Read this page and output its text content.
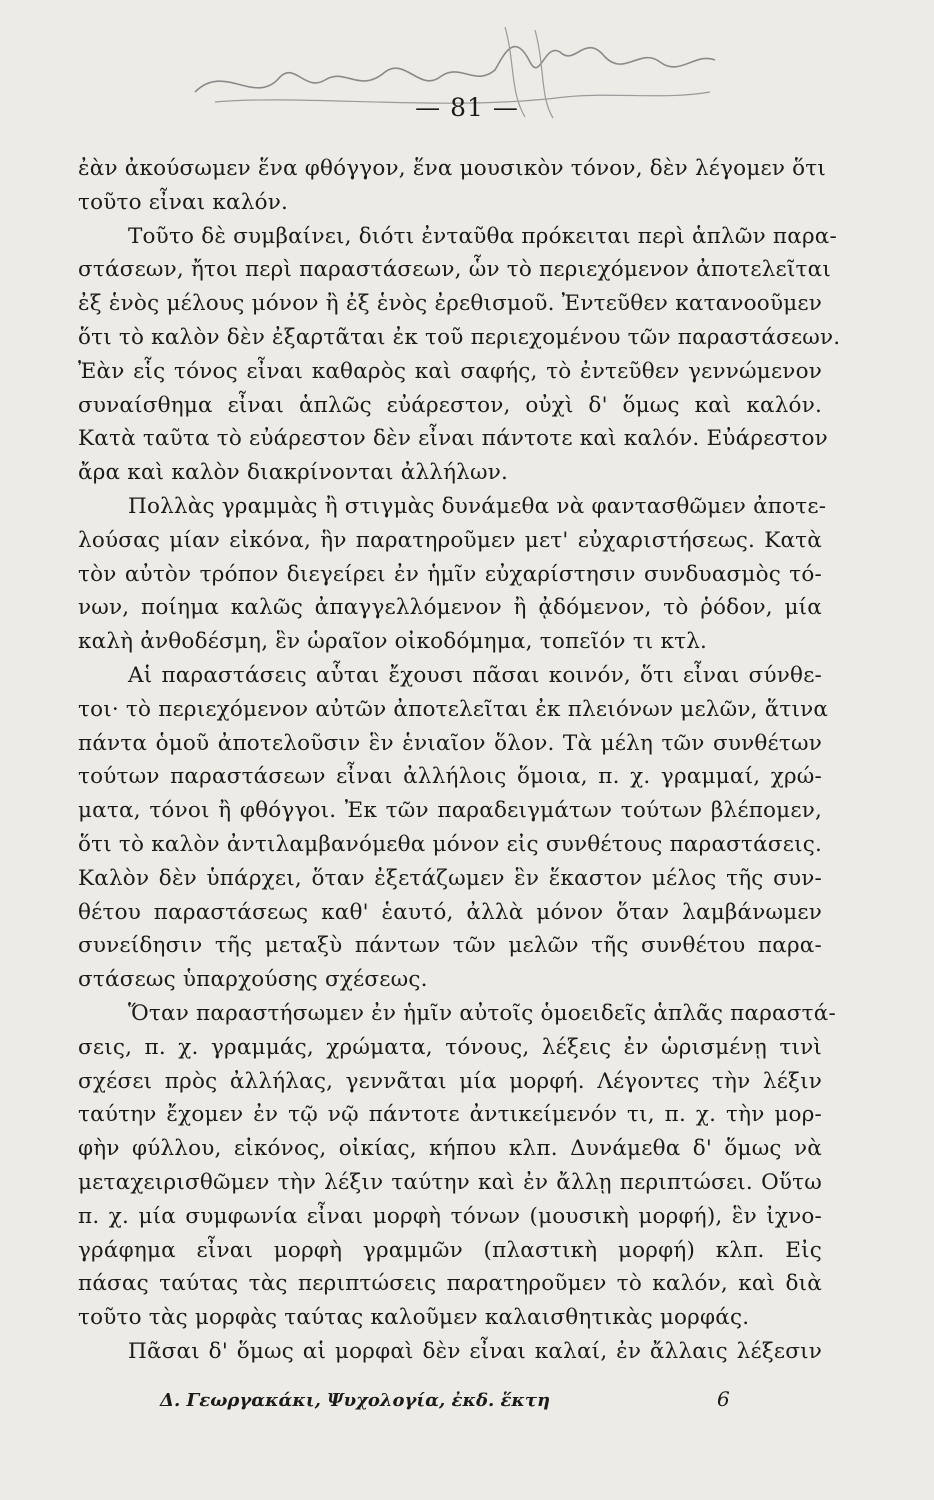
— 81 —
ἐὰν ἀκούσωμεν ἕνα φθόγγον, ἕνα μουσικὸν τόνον, δὲν λέγομεν ὅτι
τοῦτο εἶναι καλόν.
Τοῦτο δὲ συμβαίνει, διότι ἐνταῦθα πρόκειται περὶ ἁπλῶν παρα-
στάσεων, ἤτοι περὶ παραστάσεων, ὧν τὸ περιεχόμενον ἀποτελεῖται
ἐξ ἑνὸς μέλους μόνον ἢ ἐξ ἑνὸς ἐρεθισμοῦ. Ἐντεῦθεν κατανοοῦμεν
ὅτι τὸ καλὸν δὲν ἐξαρτᾶται ἐκ τοῦ περιεχομένου τῶν παραστάσεων.
Ἐὰν εἷς τόνος εἶναι καθαρὸς καὶ σαφής, τὸ ἐντεῦθεν γεννώμενον
συναίσθημα εἶναι ἁπλῶς εὐάρεστον, οὐχὶ δ' ὅμως καὶ καλόν.
Κατὰ ταῦτα τὸ εὐάρεστον δὲν εἶναι πάντοτε καὶ καλόν. Εὐάρεστον
ἄρα καὶ καλὸν διακρίνονται ἀλλήλων.
Πολλὰς γραμμὰς ἢ στιγμὰς δυνάμεθα νὰ φαντασθῶμεν ἀποτε-
λούσας μίαν εἰκόνα, ἣν παρατηροῦμεν μετ' εὐχαριστήσεως. Κατὰ
τὸν αὐτὸν τρόπον διεγείρει ἐν ἡμῖν εὐχαρίστησιν συνδυασμὸς τό-
νων, ποίημα καλῶς ἀπαγγελλόμενον ἢ ᾀδόμενον, τὸ ῥόδον, μία
καλὴ ἀνθοδέσμη, ἓν ὡραῖον οἰκοδόμημα, τοπεῖόν τι κτλ.
Αἱ παραστάσεις αὗται ἔχουσι πᾶσαι κοινόν, ὅτι εἶναι σύνθε-
τοι· τὸ περιεχόμενον αὐτῶν ἀποτελεῖται ἐκ πλειόνων μελῶν, ἅτινα
πάντα ὁμοῦ ἀποτελοῦσιν ἓν ἑνιαῖον ὅλον. Τὰ μέλη τῶν συνθέτων
τούτων παραστάσεων εἶναι ἀλλήλοις ὅμοια, π. χ. γραμμαί, χρώ-
ματα, τόνοι ἢ φθόγγοι. Ἐκ τῶν παραδειγμάτων τούτων βλέπομεν,
ὅτι τὸ καλὸν ἀντιλαμβανόμεθα μόνον εἰς συνθέτους παραστάσεις.
Καλὸν δὲν ὑπάρχει, ὅταν ἐξετάζωμεν ἓν ἕκαστον μέλος τῆς συν-
θέτου παραστάσεως καθ' ἑαυτό, ἀλλὰ μόνον ὅταν λαμβάνωμεν
συνείδησιν τῆς μεταξὺ πάντων τῶν μελῶν τῆς συνθέτου παρα-
στάσεως ὑπαρχούσης σχέσεως.
Ὅταν παραστήσωμεν ἐν ἡμῖν αὐτοῖς ὁμοειδεῖς ἁπλᾶς παραστά-
σεις, π. χ. γραμμάς, χρώματα, τόνους, λέξεις ἐν ὡρισμένῃ τινὶ
σχέσει πρὸς ἀλλήλας, γεννᾶται μία μορφή. Λέγοντες τὴν λέξιν
ταύτην ἔχομεν ἐν τῷ νῷ πάντοτε ἀντικείμενόν τι, π. χ. τὴν μορ-
φὴν φύλλου, εἰκόνος, οἰκίας, κήπου κλπ. Δυνάμεθα δ' ὅμως νὰ
μεταχειρισθῶμεν τὴν λέξιν ταύτην καὶ ἐν ἄλλῃ περιπτώσει. Οὕτω
π. χ. μία συμφωνία εἶναι μορφὴ τόνων (μουσικὴ μορφή), ἓν ἰχνο-
γράφημα εἶναι μορφὴ γραμμῶν (πλαστικὴ μορφή) κλπ. Εἰς
πάσας ταύτας τὰς περιπτώσεις παρατηροῦμεν τὸ καλόν, καὶ διὰ
τοῦτο τὰς μορφὰς ταύτας καλοῦμεν καλαισθητικὰς μορφάς.
Πᾶσαι δ' ὅμως αἱ μορφαὶ δὲν εἶναι καλαί, ἐν ἄλλαις λέξεσιν
Δ. Γεωργακάκι, Ψυχολογία, ἐκδ. ἕκτη	6
